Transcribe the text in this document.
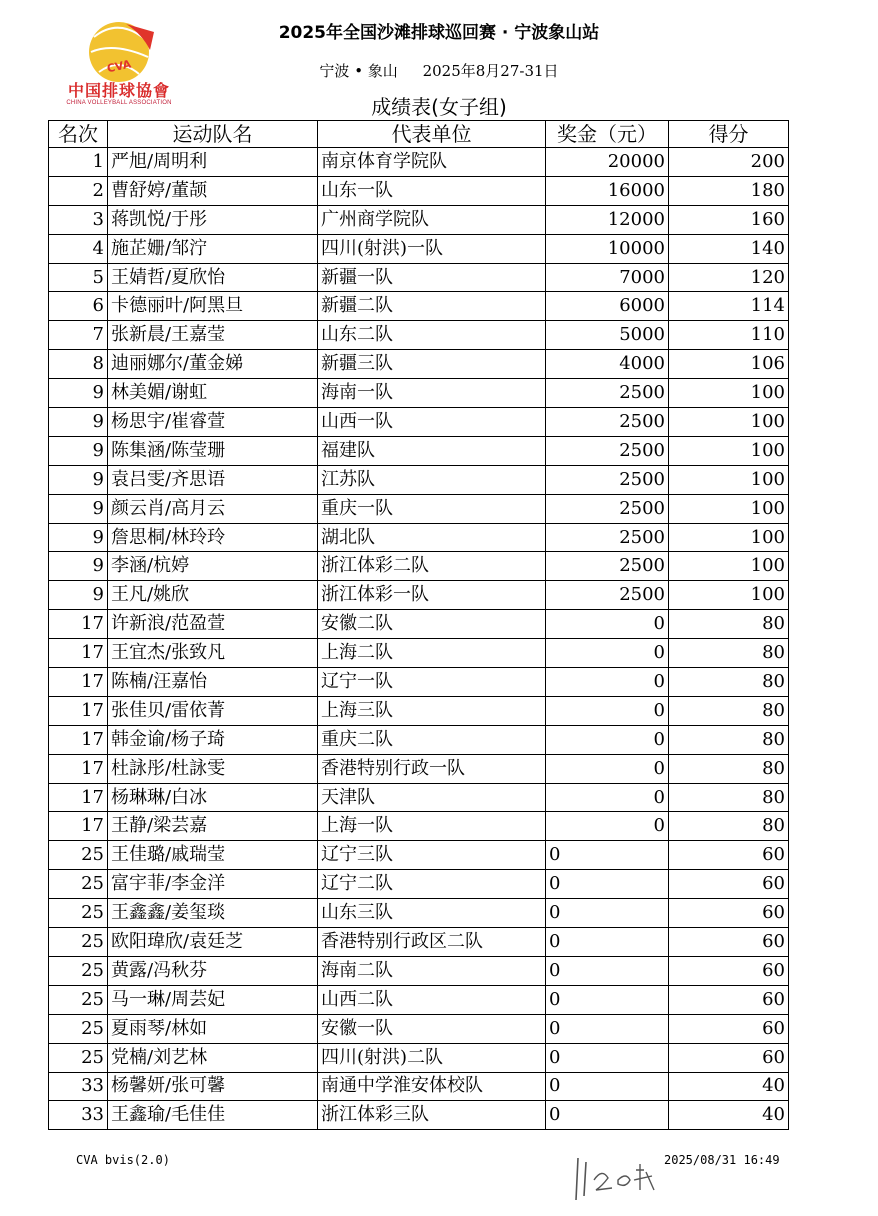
CVA
中国排球協會
CHINA VOLLEYBALL ASSOCIATION
2025年全国沙滩排球巡回赛 · 宁波象山站
宁波 • 象山 2025年8月27-31日
成绩表(女子组)
名次	运动队名	代表单位	奖金（元）	得分
1	严旭/周明利	南京体育学院队	20000	200
2	曹舒婷/董颉	山东一队	16000	180
3	蒋凯悦/于彤	广州商学院队	12000	160
4	施芷姗/邹泞	四川(射洪)一队	10000	140
5	王婧哲/夏欣怡	新疆一队	7000	120
6	卡德丽叶/阿黑旦	新疆二队	6000	114
7	张新晨/王嘉莹	山东二队	5000	110
8	迪丽娜尔/董金娣	新疆三队	4000	106
9	林美媚/谢虹	海南一队	2500	100
9	杨思宇/崔睿萱	山西一队	2500	100
9	陈集涵/陈莹珊	福建队	2500	100
9	袁吕雯/齐思语	江苏队	2500	100
9	颜云肖/高月云	重庆一队	2500	100
9	詹思桐/林玲玲	湖北队	2500	100
9	李涵/杭婷	浙江体彩二队	2500	100
9	王凡/姚欣	浙江体彩一队	2500	100
17	许新浪/范盈萱	安徽二队	0	80
17	王宜杰/张致凡	上海二队	0	80
17	陈楠/汪嘉怡	辽宁一队	0	80
17	张佳贝/雷依菁	上海三队	0	80
17	韩金谕/杨子琦	重庆二队	0	80
17	杜詠彤/杜詠雯	香港特别行政一队	0	80
17	杨琳琳/白冰	天津队	0	80
17	王静/梁芸嘉	上海一队	0	80
25	王佳璐/戚瑞莹	辽宁三队	0	60
25	富宇菲/李金洋	辽宁二队	0	60
25	王鑫鑫/姜玺琰	山东三队	0	60
25	欧阳瑋欣/袁廷芝	香港特别行政区二队	0	60
25	黄露/冯秋芬	海南二队	0	60
25	马一琳/周芸妃	山西二队	0	60
25	夏雨琴/林如	安徽一队	0	60
25	党楠/刘艺林	四川(射洪)二队	0	60
33	杨馨妍/张可馨	南通中学淮安体校队	0	40
33	王鑫瑜/毛佳佳	浙江体彩三队	0	40
CVA bvis(2.0)	2025/08/31 16:49
